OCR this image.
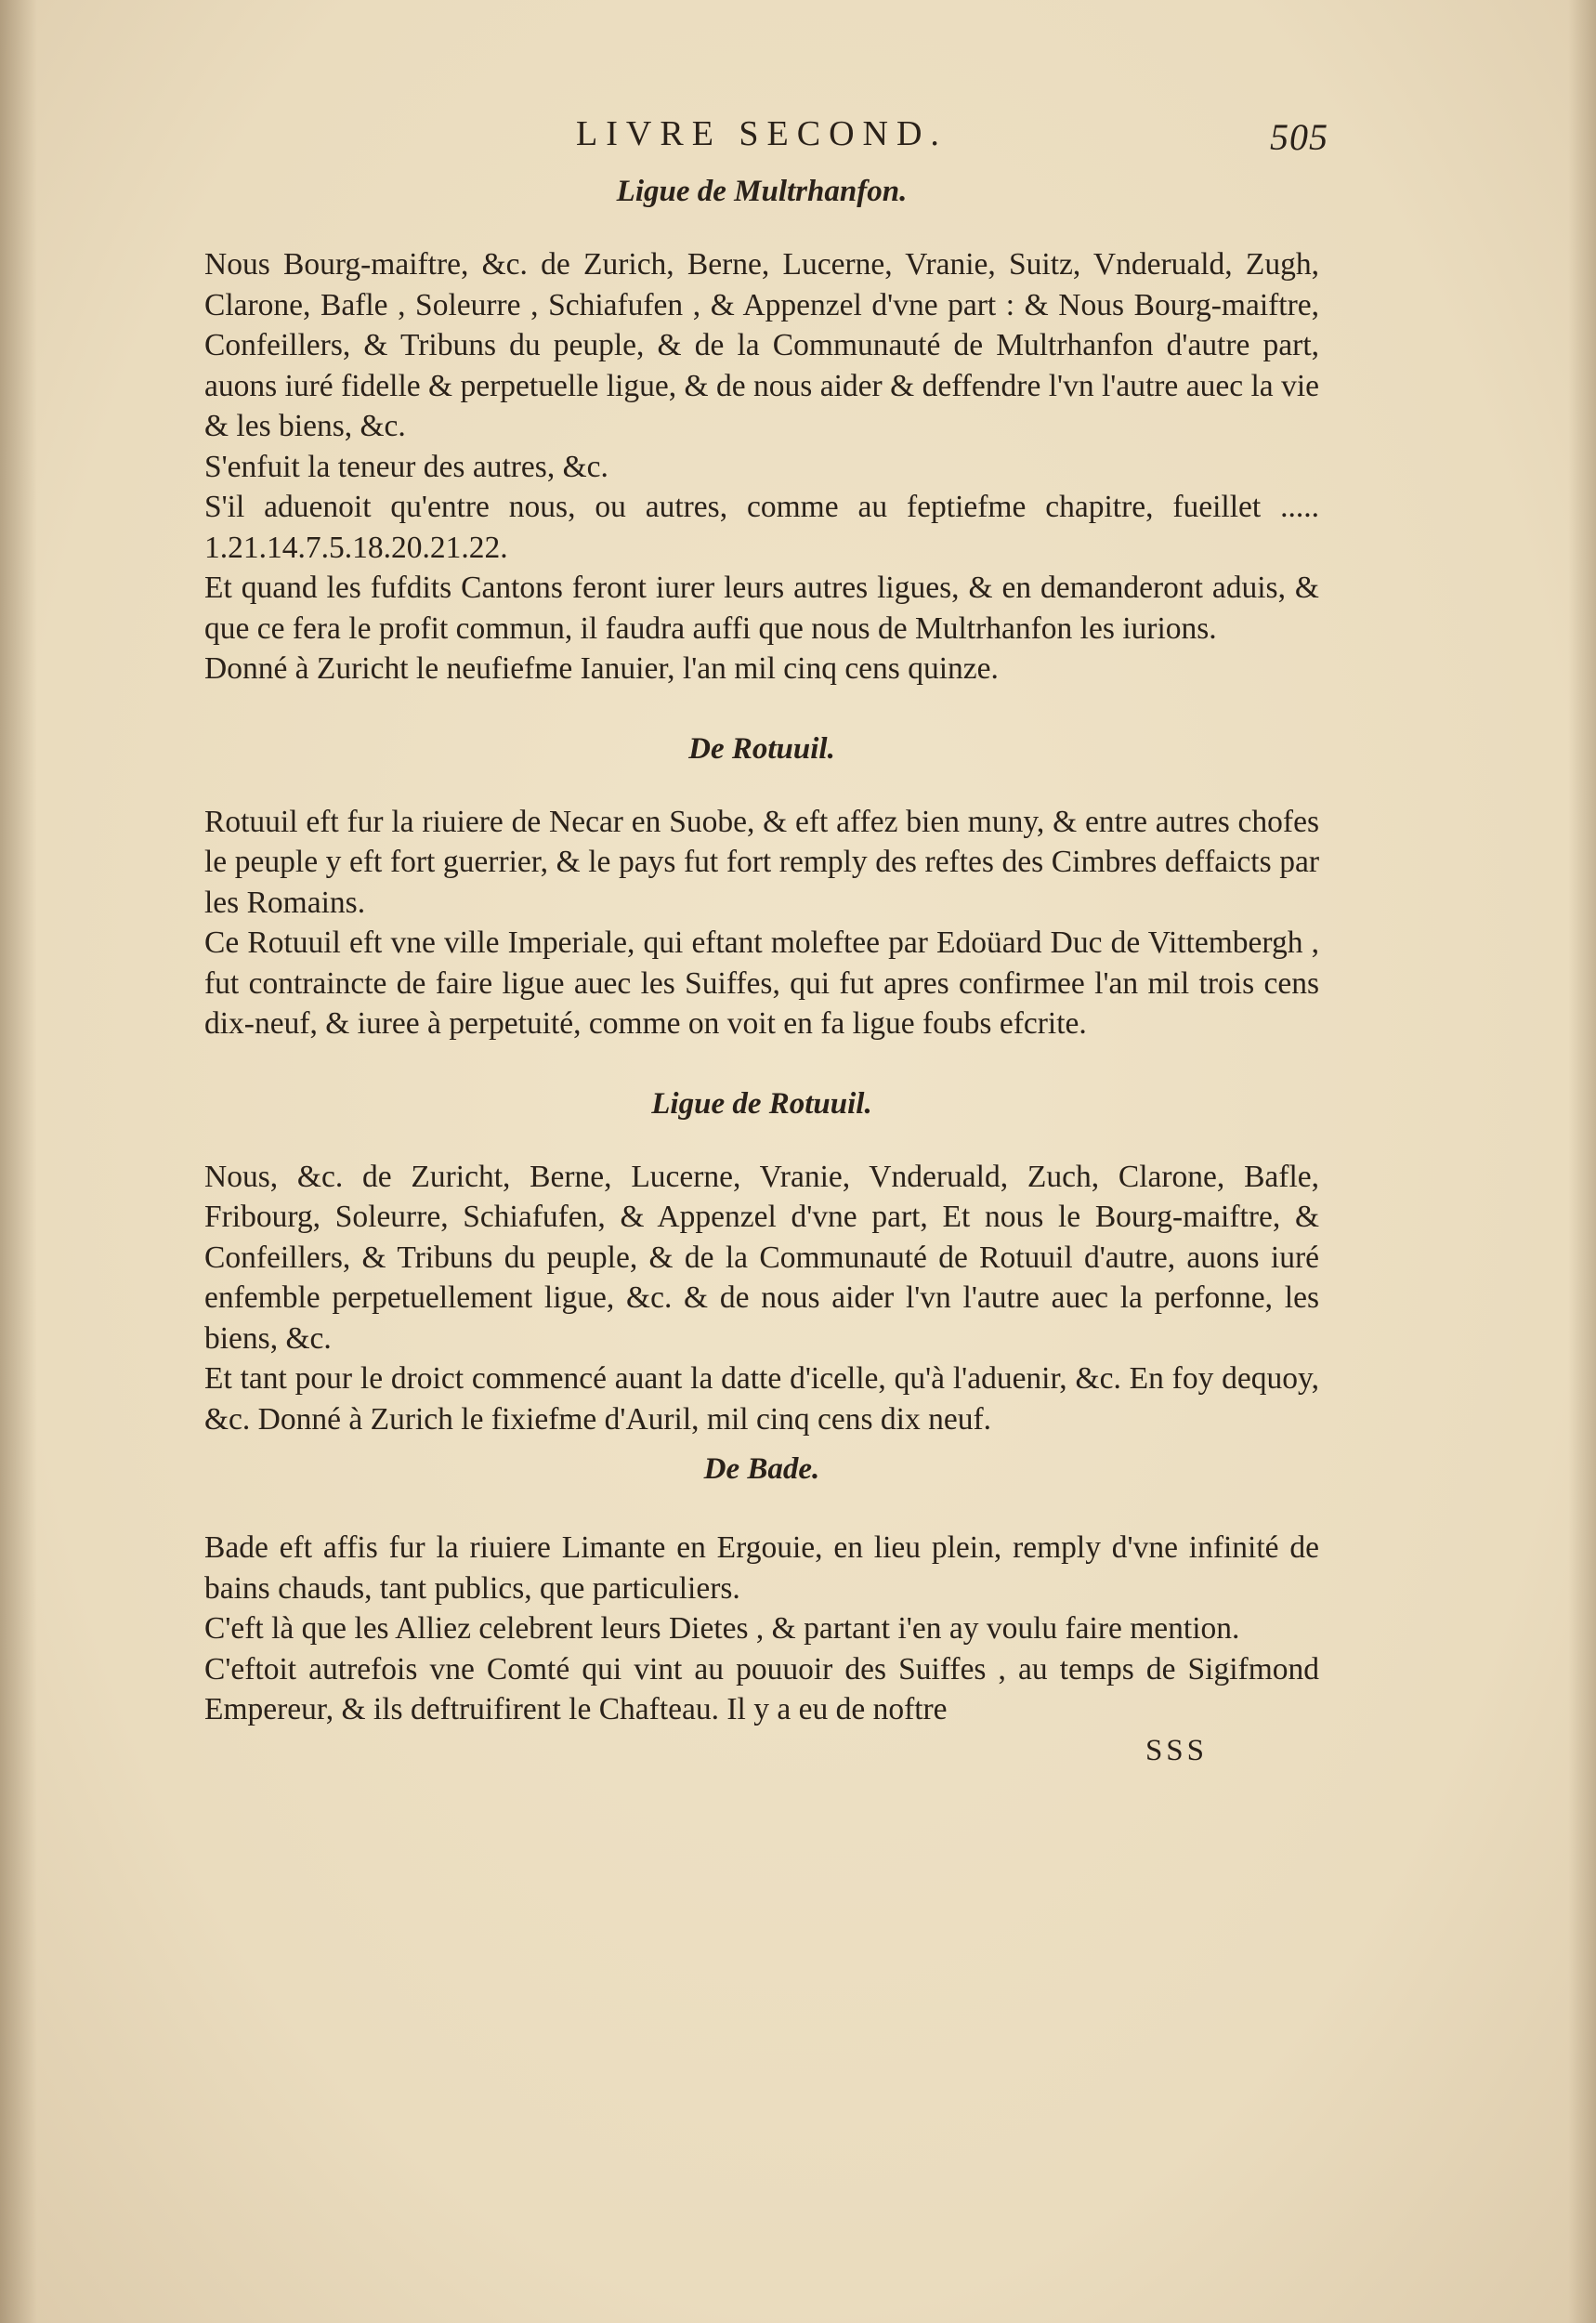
LIVRE SECOND.	505
Ligue de Multrhanfon.

Nous Bourg-maiftre, &c. de Zurich, Berne, Lucerne, Vranie, Suitz, Vnderuald, Zugh, Clarone, Bafle , Soleurre , Schiafufen , & Appenzel d'vne part : & Nous Bourg-maiftre, Confeillers, & Tribuns du peuple, & de la Communauté de Multrhanfon d'autre part, auons iuré fidelle & perpetuelle ligue, & de nous aider & deffendre l'vn l'autre auec la vie & les biens, &c.

S'enfuit la teneur des autres, &c.

S'il aduenoit qu'entre nous, ou autres, comme au feptiefme chapitre, fueillet ..... 1.21.14.7.5.18.20.21.22.

Et quand les fufdits Cantons feront iurer leurs autres ligues, & en demanderont aduis, & que ce fera le profit commun, il faudra auffi que nous de Multrhanfon les iurions.

Donné à Zuricht le neufiefme Ianuier, l'an mil cinq cens quinze.

De Rotuuil.

Rotuuil eft fur la riuiere de Necar en Suobe, & eft affez bien muny, & entre autres chofes le peuple y eft fort guerrier, & le pays fut fort remply des reftes des Cimbres deffaicts par les Romains.

Ce Rotuuil eft vne ville Imperiale, qui eftant moleftee par Edoüard Duc de Vittembergh , fut contraincte de faire ligue auec les Suiffes, qui fut apres confirmee l'an mil trois cens dix-neuf, & iuree à perpetuité, comme on voit en fa ligue foubs efcrite.

Ligue de Rotuuil.

Nous, &c. de Zuricht, Berne, Lucerne, Vranie, Vnderuald, Zuch, Clarone, Bafle, Fribourg, Soleurre, Schiafufen, & Appenzel d'vne part, Et nous le Bourg-maiftre, & Confeillers, & Tribuns du peuple, & de la Communauté de Rotuuil d'autre, auons iuré enfemble perpetuellement ligue, &c. & de nous aider l'vn l'autre auec la perfonne, les biens, &c.

Et tant pour le droict commencé auant la datte d'icelle, qu'à l'aduenir, &c. En foy dequoy, &c. Donné à Zurich le fixiefme d'Auril, mil cinq cens dix neuf.

De Bade.

Bade eft affis fur la riuiere Limante en Ergouie, en lieu plein, remply d'vne infinité de bains chauds, tant publics, que particuliers.

C'eft là que les Alliez celebrent leurs Dietes , & partant i'en ay voulu faire mention.

C'eftoit autrefois vne Comté qui vint au pouuoir des Suiffes , au temps de Sigifmond Empereur, & ils deftruifirent le Chafteau. Il y a eu de noftre

SSS
